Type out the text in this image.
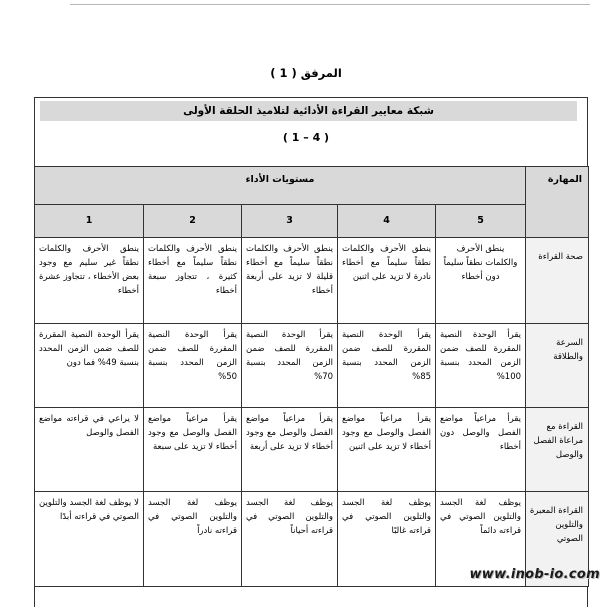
المرفق ( 1 )
شبكة معايير القراءة الأدائية لتلاميذ الحلقة الأولى
( 1 – 4 )
المهارة	مستويات الأداء				
	5	4	3	2	1
صحة القراءة	ينطق الأحرف والكلمات نطقاً سليماً دون أخطاء	ينطق الأحرف والكلمات نطقاً سليماً مع أخطاء نادرة لا تزيد على اثنين	ينطق الأحرف والكلمات نطقاً سليماً مع أخطاء قليلة لا تزيد على أربعة أخطاء	ينطق الأحرف والكلمات نطقاً سليماً مع أخطاء كثيرة ، تتجاوز سبعة أخطاء	ينطق الأحرف والكلمات نطقاً غير سليم مع وجود بعض الأخطاء ، تتجاوز عشرة أخطاء
السرعة والطلاقة	يقرأ الوحدة النصية المقررة للصف ضمن الزمن المحدد بنسبة 100%	يقرأ الوحدة النصية المقررة للصف ضمن الزمن المحدد بنسبة 85%	يقرأ الوحدة النصية المقررة للصف ضمن الزمن المحدد بنسبة 70%	يقرأ الوحدة النصية المقررة للصف ضمن الزمن المحدد بنسبة 50%	يقرأ الوحدة النصية المقررة للصف ضمن الزمن المحدد بنسبة 49% فما دون
القراءة مع مراعاة الفصل والوصل	يقرأ مراعياً مواضع الفصل والوصل دون أخطاء	يقرأ مراعياً مواضع الفصل والوصل مع وجود أخطاء لا تزيد على اثنين	يقرأ مراعياً مواضع الفصل والوصل مع وجود أخطاء لا تزيد على أربعة	يقرأ مراعياً مواضع الفصل والوصل مع وجود أخطاء لا تزيد على سبعة	لا يراعي في قراءته مواضع الفصل والوصل
القراءة المعبرة والتلوين الصوتي	يوظف لغة الجسد والتلوين الصوتي في قراءته دائماً	يوظف لغة الجسد والتلوين الصوتي في قراءته غالبًا	يوظف لغة الجسد والتلوين الصوتي في قراءته أحياناً	يوظف لغة الجسد والتلوين الصوتي في قراءته نادراً	لا يوظف لغة الجسد والتلوين الصوتي في قراءته أبدًا
www.inob-io.com
